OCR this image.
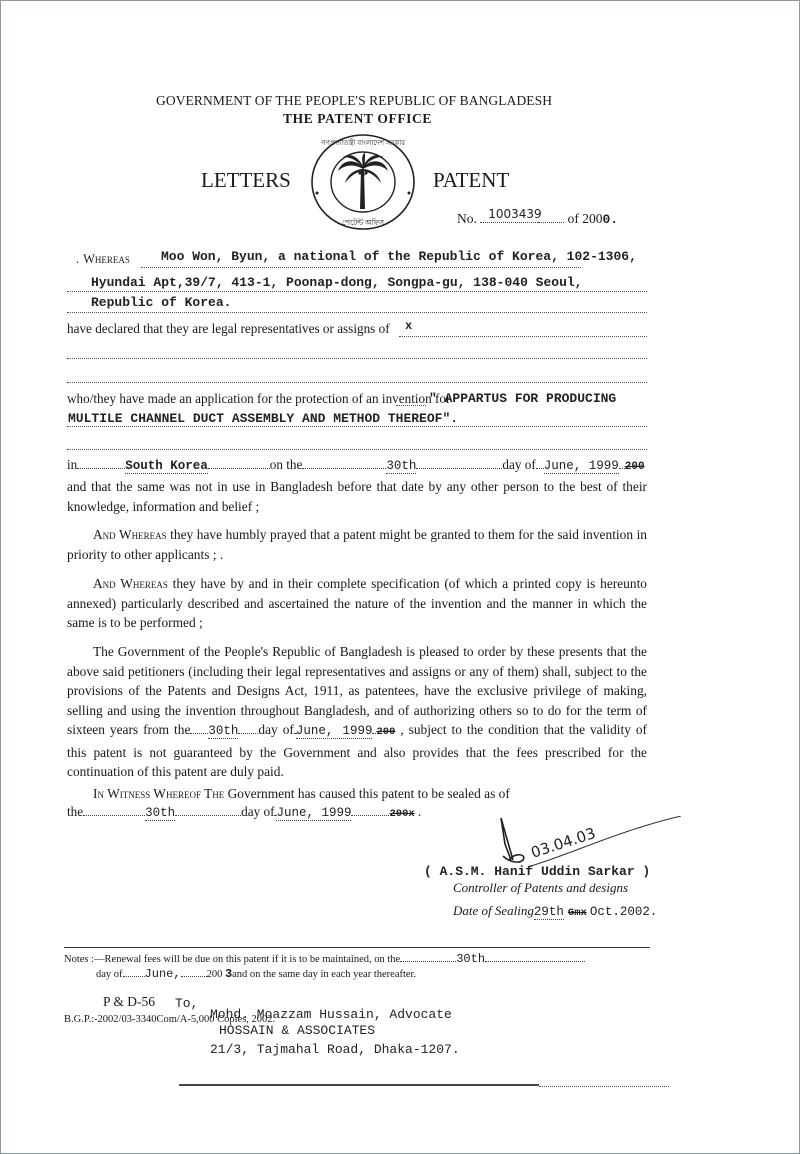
GOVERNMENT OF THE PEOPLE'S REPUBLIC OF BANGLADESH
THE PATENT OFFICE
LETTERS	PATENT
গণপ্রজাতন্ত্রী বাংলাদেশ সরকার
পেটেন্ট অফিস	No. 1003439 of 2000.
. Whereas Moo Won, Byun, a national of the Republic of Korea, 102-1306,
Hyundai Apt,39/7, 413-1, Poonap-dong, Songpa-gu, 138-040 Seoul,
Republic of Korea.
have declared that they are legal representatives or assigns of x
who/they have made an application for the protection of an invention for
" APPARTUS FOR PRODUCING
MULTILE CHANNEL DUCT ASSEMBLY AND METHOD THEREOF".
in	South Korea	on the	30th	day of June, 1999 200
and that the same was not in use in Bangladesh before that date by any other person to the best of their knowledge, information and belief ;
And Whereas they have humbly prayed that a patent might be granted to them for the said invention in priority to other applicants ; .
And Whereas they have by and in their complete specification (of which a printed copy is hereunto annexed) particularly described and ascertained the nature of the invention and the manner in which the same is to be performed ;
The Government of the People's Republic of Bangladesh is pleased to order by these presents that the above said petitioners (including their legal representatives and assigns or any of them) shall, subject to the provisions of the Patents and Designs Act, 1911, as patentees, have the exclusive privilege of making, selling and using the invention throughout Bangladesh, and of authorizing others so to do for the term of sixteen years from the 30th day of June, 1999 200 , subject to the condition that the validity of this patent is not guaranteed by the Government and also provides that the fees prescribed for the continuation of this patent are duly paid.
In Witness Whereof The Government has caused this patent to be sealed as of
the	30th	day of June, 1999	200x .
03.04.03
( A.S.M. Hanif Uddin Sarkar )
Controller of Patents and designs
Date of Sealing29th Gmx Oct.2002.
Notes :—Renewal fees will be due on this patent if it is to be maintained, on the	30th
day of June, 200 3and on the same day in each year thereafter.
P & D-56 To,
B.G.P.:-2002/03-3340Com/A-5,000 Copies, 2002.
Mohd. Moazzam Hussain, Advocate
HOSSAIN & ASSOCIATES
21/3, Tajmahal Road, Dhaka-1207.
